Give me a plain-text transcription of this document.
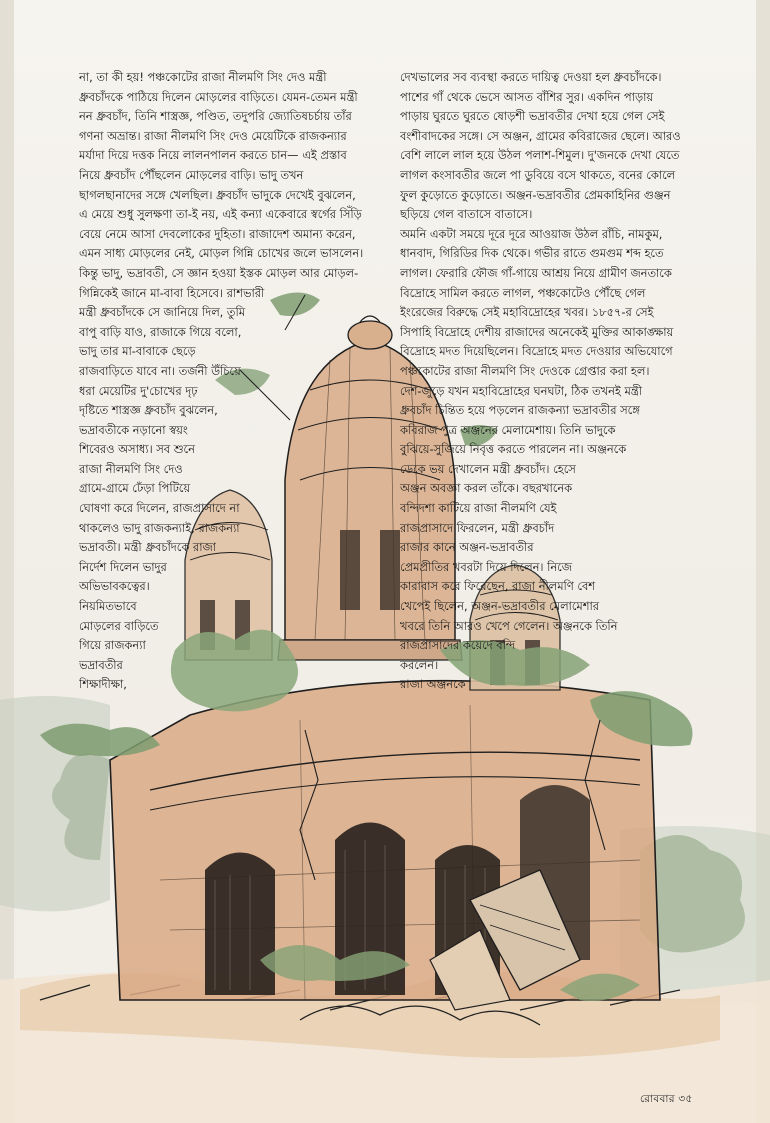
না, তা কী হয়! পঞ্চকোটের রাজা নীলমণি সিং দেও মন্ত্রী
ধ্রুবচাঁদকে পাঠিয়ে দিলেন মোড়লের বাড়িতে। যেমন-তেমন মন্ত্রী
নন ধ্রুবচাঁদ, তিনি শাস্ত্রজ্ঞ, পণ্ডিত, তদুপরি জ্যোতিষচর্চায় তাঁর
গণনা অভ্রান্ত। রাজা নীলমণি সিং দেও মেয়েটিকে রাজকন্যার
মর্যাদা দিয়ে দত্তক নিয়ে লালনপালন করতে চান— এই প্রস্তাব
নিয়ে ধ্রুবচাঁদ পৌঁছলেন মোড়লের বাড়ি। ভাদু তখন
ছাগলছানাদের সঙ্গে খেলছিল। ধ্রুবচাঁদ ভাদুকে দেখেই বুঝলেন,
এ মেয়ে শুধু সুলক্ষণা তা-ই নয়, এই কন্যা একেবারে স্বর্গের সিঁড়ি
বেয়ে নেমে আসা দেবলোকের দুহিতা। রাজাদেশ অমান্য করেন,
এমন সাধ্য মোড়লের নেই, মোড়ল গিন্নি চোখের জলে ভাসলেন।
কিন্তু ভাদু, ভদ্রাবতী, সে জ্ঞান হওয়া ইস্তক মোড়ল আর মোড়ল-
গিন্নিকেই জানে মা-বাবা হিসেবে। রাশভারী
মন্ত্রী ধ্রুবচাঁদকে সে জানিয়ে দিল, তুমি
বাপু বাড়ি যাও, রাজাকে গিয়ে বলো,
ভাদু তার মা-বাবাকে ছেড়ে
রাজবাড়িতে যাবে না। তর্জনী উঁচিয়ে
ধরা মেয়েটির দু'চোখের দৃঢ়
দৃষ্টিতে শাস্ত্রজ্ঞ ধ্রুবচাঁদ বুঝলেন,
ভদ্রাবতীকে নড়ানো স্বয়ং
শিবেরও অসাধ্য। সব শুনে
রাজা নীলমণি সিং দেও
গ্রামে-গ্রামে ঢেঁড়া পিটিয়ে
ঘোষণা করে দিলেন, রাজপ্রাসাদে না
থাকলেও ভাদু রাজকন্যাই, রাজকন্যা
ভদ্রাবতী। মন্ত্রী ধ্রুবচাঁদকে রাজা
নির্দেশ দিলেন ভাদুর
অভিভাবকত্বের।
নিয়মিতভাবে
মোড়লের বাড়িতে
গিয়ে রাজকন্যা
ভদ্রাবতীর
শিক্ষাদীক্ষা,
দেখভালের সব ব্যবস্থা করতে দায়িত্ব দেওয়া হল ধ্রুবচাঁদকে।
পাশের গাঁ থেকে ভেসে আসত বাঁশির সুর। একদিন পাড়ায়
পাড়ায় ঘুরতে ঘুরতে ষোড়শী ভদ্রাবতীর দেখা হয়ে গেল সেই
বংশীবাদকের সঙ্গে। সে অঞ্জন, গ্রামের কবিরাজের ছেলে। আরও
বেশি লালে লাল হয়ে উঠল পলাশ-শিমুল। দু'জনকে দেখা যেতে
লাগল কংসাবতীর জলে পা ডুবিয়ে বসে থাকতে, বনের কোলে
ফুল কুড়োতে কুড়োতে। অঞ্জন-ভদ্রাবতীর প্রেমকাহিনির গুঞ্জন
ছড়িয়ে গেল বাতাসে বাতাসে।
অমনি একটা সময়ে দূরে দূরে আওয়াজ উঠল রাঁচি, নামকুম,
ধানবাদ, গিরিডির দিক থেকে। গভীর রাতে গুমগুম শব্দ হতে
লাগল। ফেরারি ফৌজ গাঁ-গায়ে আশ্রয় নিয়ে গ্রামীণ জনতাকে
বিদ্রোহে সামিল করতে লাগল, পঞ্চকোটেও পৌঁছে গেল
ইংরেজের বিরুদ্ধে সেই মহাবিদ্রোহের খবর। ১৮৫৭-র সেই
সিপাহি বিদ্রোহে দেশীয় রাজাদের অনেকেই মুক্তির আকাঙ্ক্ষায়
বিদ্রোহে মদত দিয়েছিলেন। বিদ্রোহে মদত দেওয়ার অভিযোগে
পঞ্চকোটের রাজা নীলমণি সিং দেওকে গ্রেপ্তার করা হল।
দেশ-জুড়ে যখন মহাবিদ্রোহের ঘনঘটা, ঠিক তখনই মন্ত্রী
ধ্রুবচাঁদ চিন্তিত হয়ে পড়লেন রাজকন্যা ভদ্রাবতীর সঙ্গে
কবিরাজ পুত্র অঞ্জনের মেলামেশায়। তিনি ভাদুকে
বুঝিয়ে-সুজিয়ে নিবৃত্ত করতে পারলেন না। অঞ্জনকে
ডেকে ভয় দেখালেন মন্ত্রী ধ্রুবচাঁদ। হেসে
অঞ্জন অবজ্ঞা করল তাঁকে। বছরখানেক
বন্দিদশা কাটিয়ে রাজা নীলমণি যেই
রাজপ্রাসাদে ফিরলেন, মন্ত্রী ধ্রুবচাঁদ
রাজার কানে অঞ্জন-ভদ্রাবতীর
প্রেমপ্রীতির খবরটা দিয়ে দিলেন। নিজে
কারাবাস করে ফিরেছেন, রাজা নীলমণি বেশ
খেপেই ছিলেন, অঞ্জন-ভদ্রাবতীর মেলামেশার
খবরে তিনি আরও খেপে গেলেন। অঞ্জনকে তিনি
রাজপ্রাসাদের কয়েদে বন্দি
করলেন।
রাজা অঞ্জনকে
রোববার ৩৫
